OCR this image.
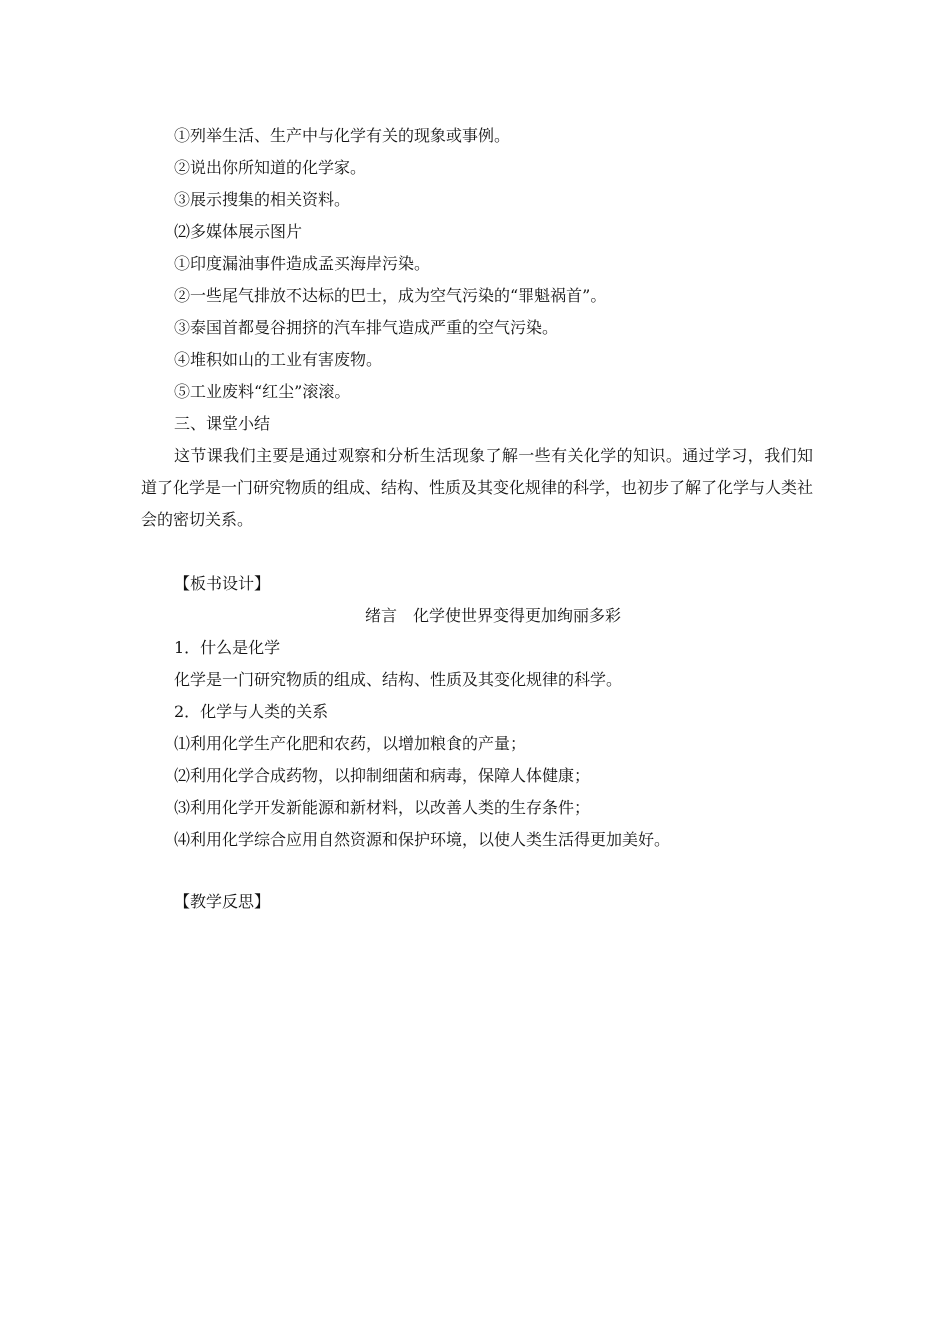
①列举生活、生产中与化学有关的现象或事例。
②说出你所知道的化学家。
③展示搜集的相关资料。
⑵多媒体展示图片
①印度漏油事件造成孟买海岸污染。
②一些尾气排放不达标的巴士，成为空气污染的“罪魁祸首”。
③泰国首都曼谷拥挤的汽车排气造成严重的空气污染。
④堆积如山的工业有害废物。
⑤工业废料“红尘”滚滚。
三、课堂小结
这节课我们主要是通过观察和分析生活现象了解一些有关化学的知识。通过学习，我们知道了化学是一门研究物质的组成、结构、性质及其变化规律的科学，也初步了解了化学与人类社会的密切关系。
【板书设计】
绪言　化学使世界变得更加绚丽多彩
1．什么是化学
化学是一门研究物质的组成、结构、性质及其变化规律的科学。
2．化学与人类的关系
⑴利用化学生产化肥和农药，以增加粮食的产量；
⑵利用化学合成药物，以抑制细菌和病毒，保障人体健康；
⑶利用化学开发新能源和新材料，以改善人类的生存条件；
⑷利用化学综合应用自然资源和保护环境，以使人类生活得更加美好。
【教学反思】
